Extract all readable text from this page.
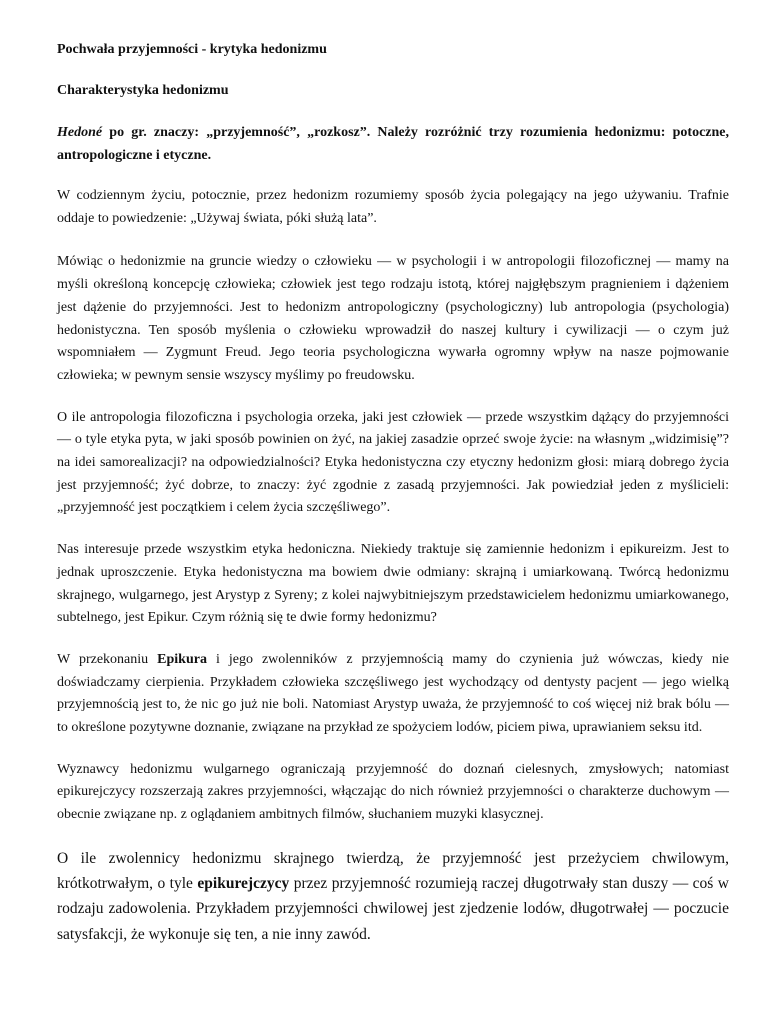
Pochwała przyjemności - krytyka hedonizmu

Charakterystyka hedonizmu

Hedoné po gr. znaczy: „przyjemność”, „rozkosz”. Należy rozróżnić trzy rozumienia hedonizmu: potoczne, antropologiczne i etyczne.

W codziennym życiu, potocznie, przez hedonizm rozumiemy sposób życia polegający na jego używaniu. Trafnie oddaje to powiedzenie: „Używaj świata, póki służą lata”.

Mówiąc o hedonizmie na gruncie wiedzy o człowieku — w psychologii i w antropologii filozoficznej — mamy na myśli określoną koncepcję człowieka; człowiek jest tego rodzaju istotą, której najgłębszym pragnieniem i dążeniem jest dążenie do przyjemności. Jest to hedonizm antropologiczny (psychologiczny) lub antropologia (psychologia) hedonistyczna. Ten sposób myślenia o człowieku wprowadził do naszej kultury i cywilizacji — o czym już wspomniałem — Zygmunt Freud. Jego teoria psychologiczna wywarła ogromny wpływ na nasze pojmowanie człowieka; w pewnym sensie wszyscy myślimy po freudowsku.

O ile antropologia filozoficzna i psychologia orzeka, jaki jest człowiek — przede wszystkim dążący do przyjemności — o tyle etyka pyta, w jaki sposób powinien on żyć, na jakiej zasadzie oprzeć swoje życie: na własnym „widzimisię”? na idei samorealizacji? na odpowiedzialności? Etyka hedonistyczna czy etyczny hedonizm głosi: miarą dobrego życia jest przyjemność; żyć dobrze, to znaczy: żyć zgodnie z zasadą przyjemności. Jak powiedział jeden z myślicieli: „przyjemność jest początkiem i celem życia szczęśliwego”.

Nas interesuje przede wszystkim etyka hedoniczna. Niekiedy traktuje się zamiennie hedonizm i epikureizm. Jest to jednak uproszczenie. Etyka hedonistyczna ma bowiem dwie odmiany: skrajną i umiarkowaną. Twórcą hedonizmu skrajnego, wulgarnego, jest Arystyp z Syreny; z kolei najwybitniejszym przedstawicielem hedonizmu umiarkowanego, subtelnego, jest Epikur. Czym różnią się te dwie formy hedonizmu?

W przekonaniu Epikura i jego zwolenników z przyjemnością mamy do czynienia już wówczas, kiedy nie doświadczamy cierpienia. Przykładem człowieka szczęśliwego jest wychodzący od dentysty pacjent — jego wielką przyjemnością jest to, że nic go już nie boli. Natomiast Arystyp uważa, że przyjemność to coś więcej niż brak bólu — to określone pozytywne doznanie, związane na przykład ze spożyciem lodów, piciem piwa, uprawianiem seksu itd.

Wyznawcy hedonizmu wulgarnego ograniczają przyjemność do doznań cielesnych, zmysłowych; natomiast epikurejczycy rozszerzają zakres przyjemności, włączając do nich również przyjemności o charakterze duchowym — obecnie związane np. z oglądaniem ambitnych filmów, słuchaniem muzyki klasycznej.

O ile zwolennicy hedonizmu skrajnego twierdzą, że przyjemność jest przeżyciem chwilowym, krótkotrwałym, o tyle epikurejczycy przez przyjemność rozumieją raczej długotrwały stan duszy — coś w rodzaju zadowolenia. Przykładem przyjemności chwilowej jest zjedzenie lodów, długotrwałej — poczucie satysfakcji, że wykonuje się ten, a nie inny zawód.
